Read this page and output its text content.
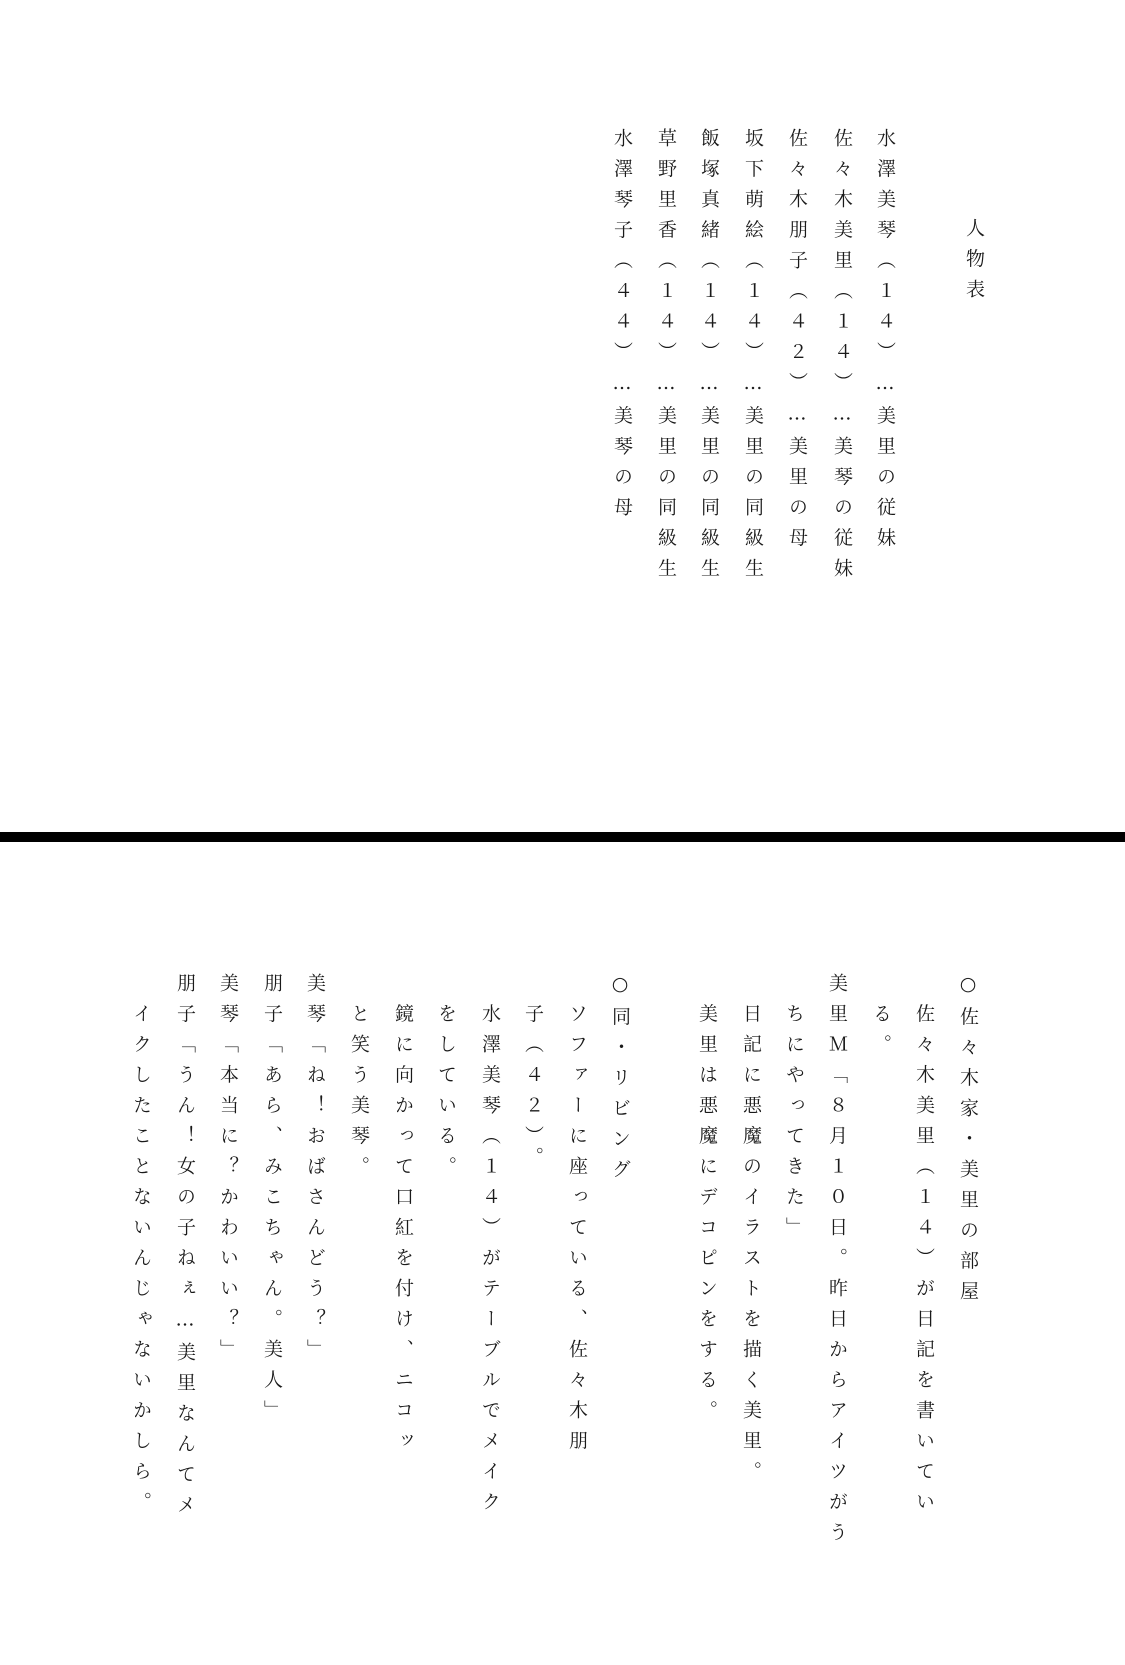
人物表
水澤美琴（１４）…美里の従妹
佐々木美里（１４）…美琴の従妹
佐々木朋子（４２）…美里の母
坂下萌絵（１４）…美里の同級生
飯塚真緒（１４）…美里の同級生
草野里香（１４）…美里の同級生
水澤琴子（４４）…美琴の母
○佐々木家・美里の部屋
　佐々木美里（１４）が日記を書いてい
　る。
美里Ｍ「８月１０日。昨日からアイツがう
　ちにやってきた」
　日記に悪魔のイラストを描く美里。
　美里は悪魔にデコピンをする。
○同・リビング
　ソファーに座っている、佐々木朋
　子（４２）。
　水澤美琴（１４）がテーブルでメイク
　をしている。
　鏡に向かって口紅を付け、ニコッ
　と笑う美琴。
美琴「ね！おばさんどう？」
朋子「あら、みこちゃん。美人」
美琴「本当に？かわいい？」
朋子「うん！女の子ねぇ…美里なんてメ
　イクしたことないんじゃないかしら。
